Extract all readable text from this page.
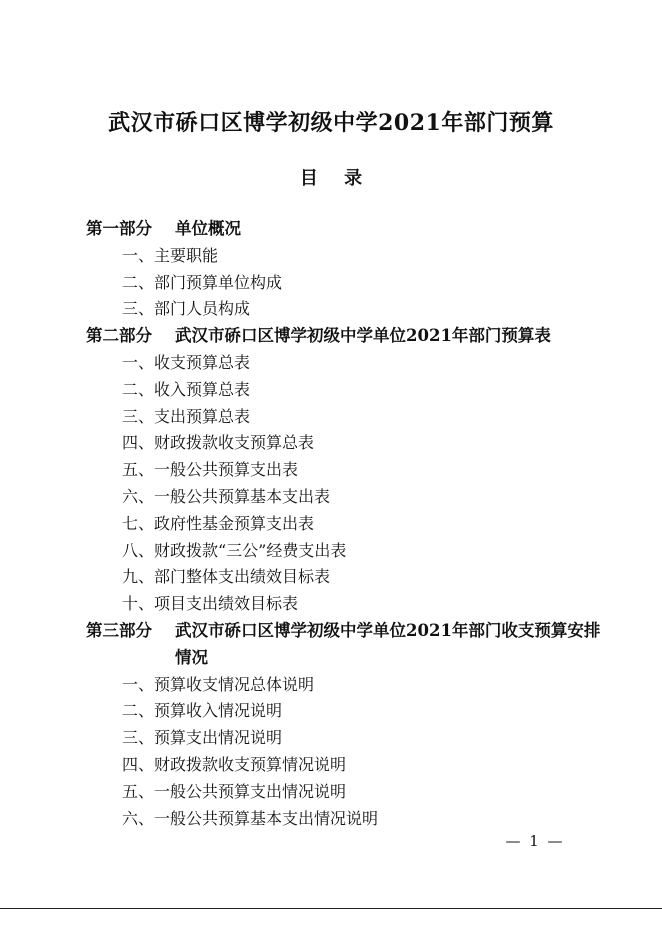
武汉市硚口区博学初级中学2021年部门预算
目 录
第一部分	单位概况
一、主要职能
二、部门预算单位构成
三、部门人员构成
第二部分	武汉市硚口区博学初级中学单位2021年部门预算表
一、收支预算总表
二、收入预算总表
三、支出预算总表
四、财政拨款收支预算总表
五、一般公共预算支出表
六、一般公共预算基本支出表
七、政府性基金预算支出表
八、财政拨款“三公”经费支出表
九、部门整体支出绩效目标表
十、项目支出绩效目标表
第三部分	武汉市硚口区博学初级中学单位2021年部门收支预算安排情况
一、预算收支情况总体说明
二、预算收入情况说明
三、预算支出情况说明
四、财政拨款收支预算情况说明
五、一般公共预算支出情况说明
六、一般公共预算基本支出情况说明
— 1 —
